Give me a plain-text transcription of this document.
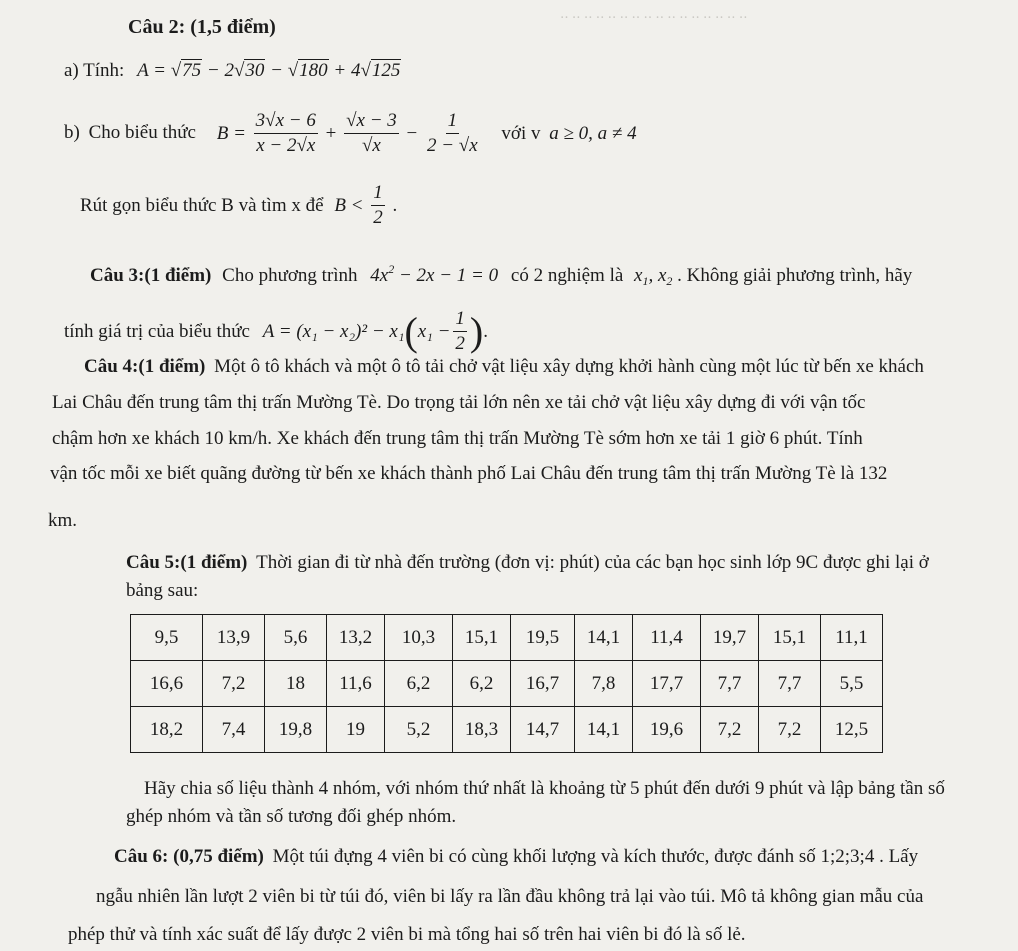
‥ ‥ ‥ ‥ ‥ ‥ ‥ ‥ ‥ ‥ ‥ ‥ ‥ ‥ ‥ ‥
Câu 2: (1,5 điểm)
a) Tính: A = √75 − 2√30 − √180 + 4√125
b) Cho biểu thức $B = \frac{3√x - 6}{x - 2√x} + \frac{√x - 3}{√x} - \frac{1}{2 - √x}$ với v a ≥ 0, a ≠ 4
Rút gọn biểu thức B và tìm x để $B < \frac{1}{2}$ .
Câu 3:(1 điểm) Cho phương trình $4x^2 - 2x - 1 = 0$ có 2 nghiệm là $x_1$, $x_2$ . Không giải phương trình, hãy
tính giá trị của biểu thức $A = (x_1 - x_2)^2 - x_1(x_1 - \frac{1}{2}$ ).
Câu 4:(1 điểm) Một ô tô khách và một ô tô tải chở vật liệu xây dựng khởi hành cùng một lúc từ bến xe khách
Lai Châu đến trung tâm thị trấn Mường Tè. Do trọng tải lớn nên xe tải chở vật liệu xây dựng đi với vận tốc
chậm hơn xe khách 10 km/h. Xe khách đến trung tâm thị trấn Mường Tè sớm hơn xe tải 1 giờ 6 phút. Tính
vận tốc mỗi xe biết quãng đường từ bến xe khách thành phố Lai Châu đến trung tâm thị trấn Mường Tè là 132
km.
Câu 5:(1 điểm) Thời gian đi từ nhà đến trường (đơn vị: phút) của các bạn học sinh lớp 9C được ghi lại ở
bảng sau:
9,5	13,9	5,6	13,2	10,3	15,1	19,5	14,1	11,4	19,7	15,1	11,1
16,6	7,2	18	11,6	6,2	6,2	16,7	7,8	17,7	7,7	7,7	5,5
18,2	7,4	19,8	19	5,2	18,3	14,7	14,1	19,6	7,2	7,2	12,5
Hãy chia số liệu thành 4 nhóm, với nhóm thứ nhất là khoảng từ 5 phút đến dưới 9 phút và lập bảng tần số
ghép nhóm và tần số tương đối ghép nhóm.
Câu 6: (0,75 điểm) Một túi đựng 4 viên bi có cùng khối lượng và kích thước, được đánh số 1;2;3;4 . Lấy
ngẫu nhiên lần lượt 2 viên bi từ túi đó, viên bi lấy ra lần đầu không trả lại vào túi. Mô tả không gian mẫu của
phép thử và tính xác suất để lấy được 2 viên bi mà tổng hai số trên hai viên bi đó là số lẻ.
